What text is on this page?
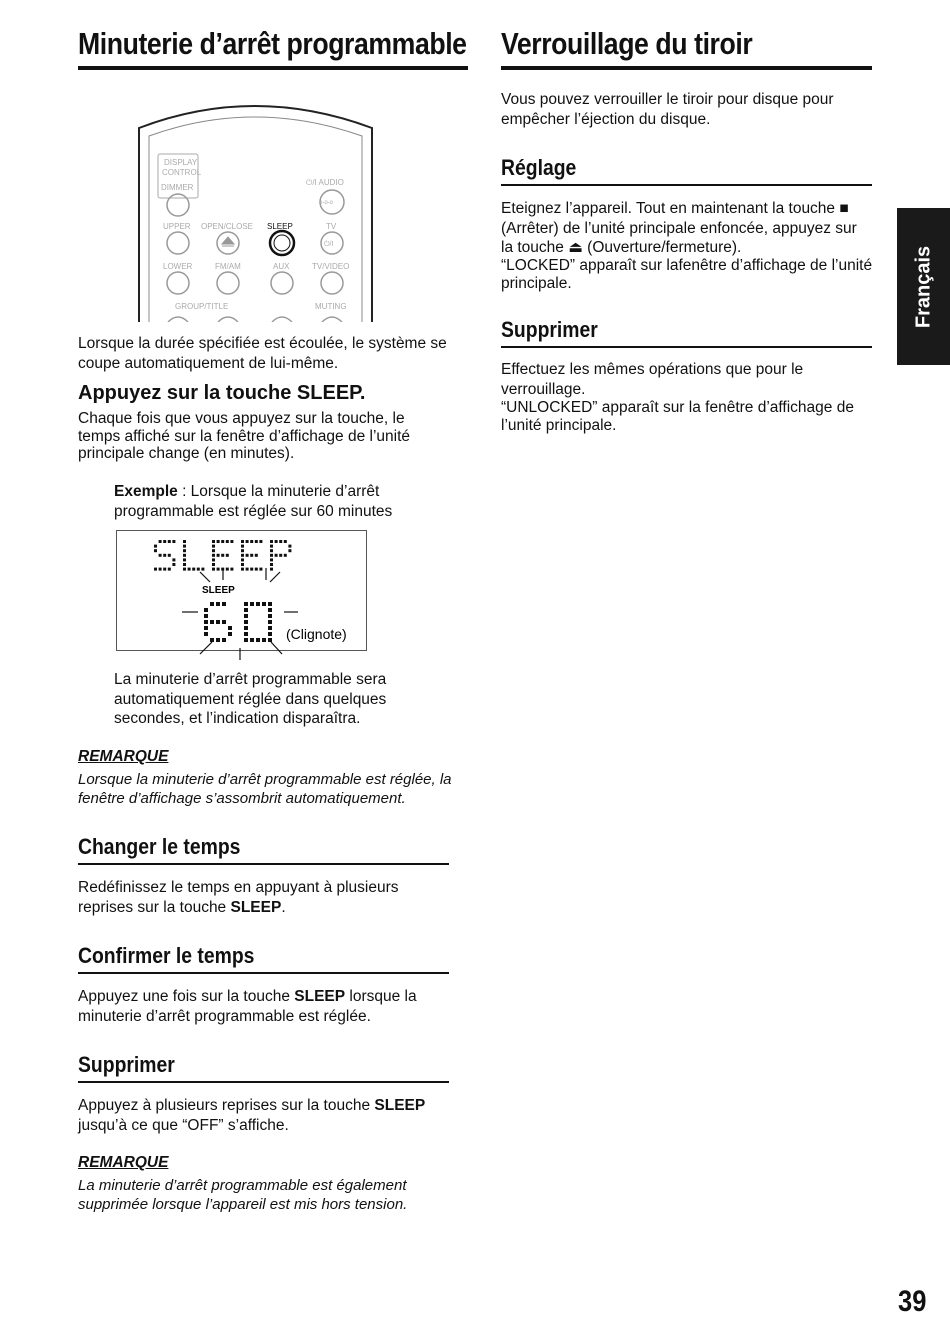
Minuterie d’arrêt programmable
DISPLAY
CONTROL
DIMMER
⏻/I AUDIO
o-o-o
UPPER OPEN/CLOSE SLEEP	TV
⏻/I
LOWER	FM/AM	AUX	TV/VIDEO
GROUP/TITLE	MUTING
Lorsque la durée spécifiée est écoulée, le système se coupe automatiquement de lui-même.
Appuyez sur la touche SLEEP.
Chaque fois que vous appuyez sur la touche, le temps affiché sur la fenêtre d’affichage de l’unité principale change (en minutes).
Exemple : Lorsque la minuterie d’arrêt programmable est réglée sur 60 minutes
SLEEP
(Clignote)
La minuterie d’arrêt programmable sera automatiquement réglée dans quelques secondes, et l’indication disparaîtra.
REMARQUE
Lorsque la minuterie d’arrêt programmable est réglée, la fenêtre d’affichage s’assombrit automatiquement.
Changer le temps
Redéfinissez le temps en appuyant à plusieurs reprises sur la touche SLEEP.
Confirmer le temps
Appuyez une fois sur la touche SLEEP lorsque la minuterie d’arrêt programmable est réglée.
Supprimer
Appuyez à plusieurs reprises sur la touche SLEEP jusqu’à ce que “OFF” s’affiche.
REMARQUE
La minuterie d’arrêt programmable est également supprimée lorsque l’appareil est mis hors tension.
Verrouillage du tiroir
Vous pouvez verrouiller le tiroir pour disque pour empêcher l’éjection du disque.
Réglage
Eteignez l’appareil. Tout en maintenant la touche ■ (Arrêter) de l’unité principale enfoncée, appuyez sur la touche ⏏ (Ouverture/fermeture).
“LOCKED” apparaît sur lafenêtre d’affichage de l’unité principale.
Supprimer
Effectuez les mêmes opérations que pour le verrouillage.
“UNLOCKED” apparaît sur la fenêtre d’affichage de l’unité principale.
Français
39
